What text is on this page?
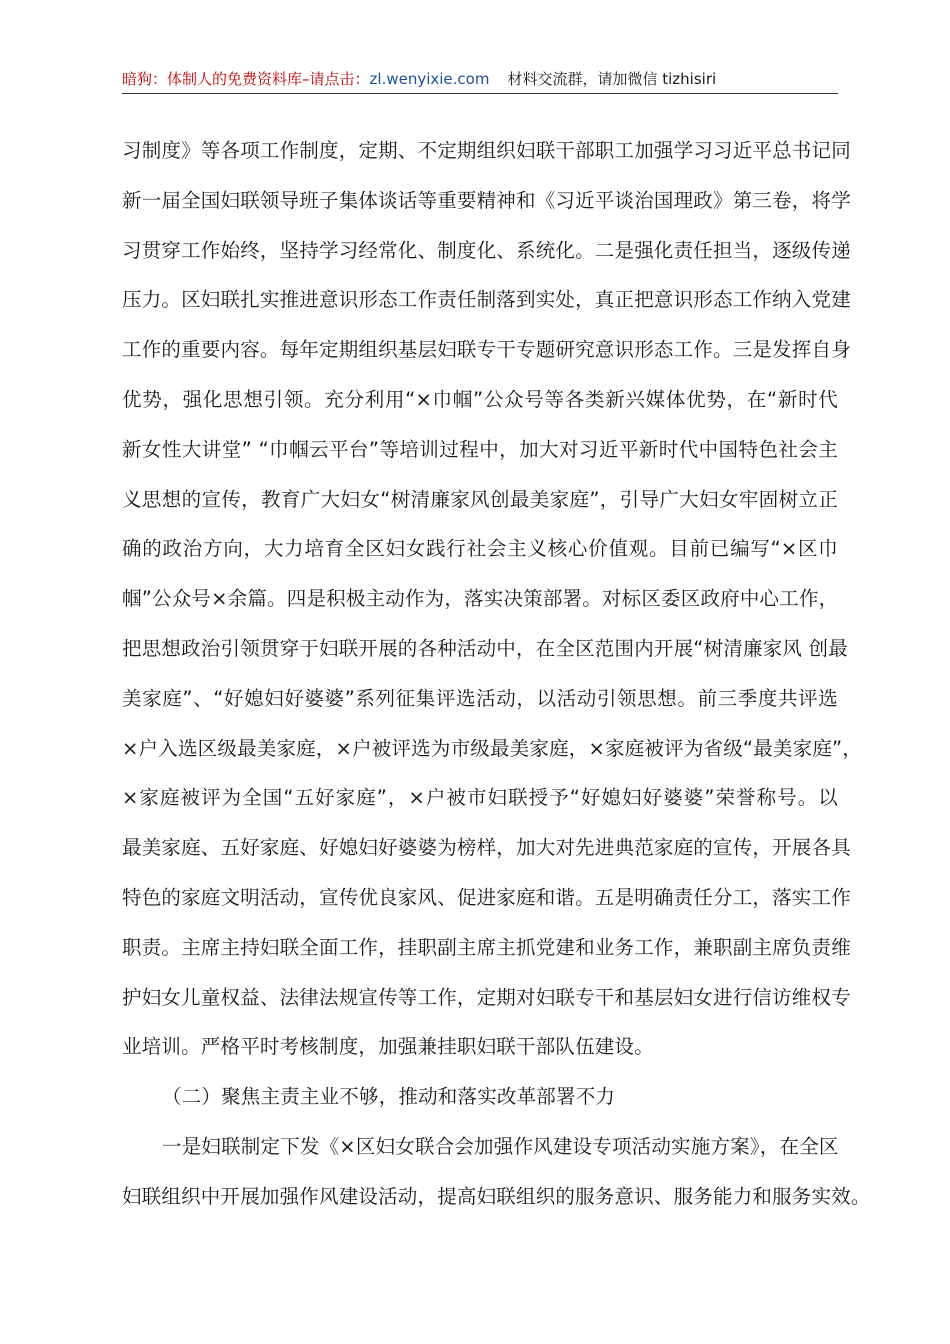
暗狗：体制人的免费资料库–请点击：zl.wenyixie.com 材料交流群，请加微信 tizhisiri
习制度》等各项工作制度，定期、不定期组织妇联干部职工加强学习习近平总书记同
新一届全国妇联领导班子集体谈话等重要精神和《习近平谈治国理政》第三卷，将学
习贯穿工作始终，坚持学习经常化、制度化、系统化。二是强化责任担当，逐级传递
压力。区妇联扎实推进意识形态工作责任制落到实处，真正把意识形态工作纳入党建
工作的重要内容。每年定期组织基层妇联专干专题研究意识形态工作。三是发挥自身
优势，强化思想引领。充分利用“×巾帼”公众号等各类新兴媒体优势，在“新时代
新女性大讲堂” “巾帼云平台”等培训过程中，加大对习近平新时代中国特色社会主
义思想的宣传，教育广大妇女“树清廉家风创最美家庭”，引导广大妇女牢固树立正
确的政治方向，大力培育全区妇女践行社会主义核心价值观。目前已编写“×区巾
帼”公众号×余篇。四是积极主动作为，落实决策部署。对标区委区政府中心工作，
把思想政治引领贯穿于妇联开展的各种活动中，在全区范围内开展“树清廉家风 创最
美家庭”、“好媳妇好婆婆”系列征集评选活动，以活动引领思想。前三季度共评选
×户入选区级最美家庭，×户被评选为市级最美家庭，×家庭被评为省级“最美家庭”，
×家庭被评为全国“五好家庭”，×户被市妇联授予“好媳妇好婆婆”荣誉称号。以
最美家庭、五好家庭、好媳妇好婆婆为榜样，加大对先进典范家庭的宣传，开展各具
特色的家庭文明活动，宣传优良家风、促进家庭和谐。五是明确责任分工，落实工作
职责。主席主持妇联全面工作，挂职副主席主抓党建和业务工作，兼职副主席负责维
护妇女儿童权益、法律法规宣传等工作，定期对妇联专干和基层妇女进行信访维权专
业培训。严格平时考核制度，加强兼挂职妇联干部队伍建设。
（二）聚焦主责主业不够，推动和落实改革部署不力
一是妇联制定下发《×区妇女联合会加强作风建设专项活动实施方案》，在全区
妇联组织中开展加强作风建设活动，提高妇联组织的服务意识、服务能力和服务实效。
